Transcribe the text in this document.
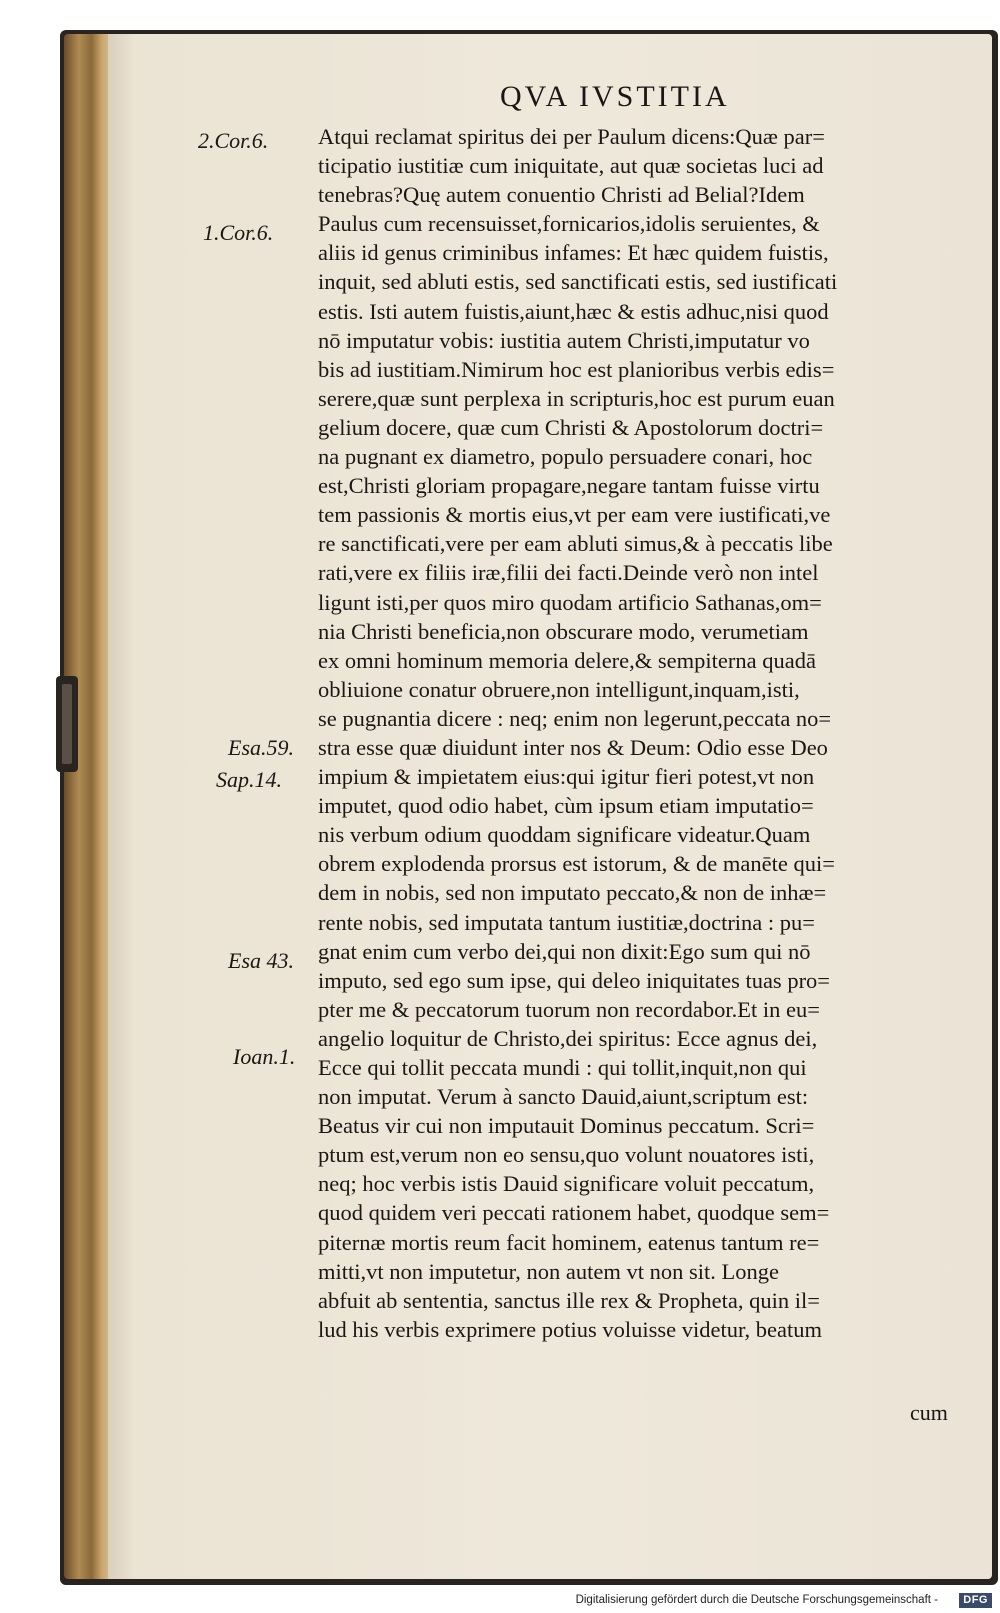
QVA IVSTITIA
2.Cor.6.
1.Cor.6.
Esa.59.
Sap.14.
Esa 43.
Ioan.1.
Atqui reclamat spiritus dei per Paulum dicens:Quæ par=
ticipatio iustitiæ cum iniquitate, aut quæ societas luci ad
tenebras?Quę autem conuentio Christi ad Belial?Idem
Paulus cum recensuisset,fornicarios,idolis seruientes, &
aliis id genus criminibus infames: Et hæc quidem fuistis,
inquit, sed abluti estis, sed sanctificati estis, sed iustificati
estis. Isti autem fuistis,aiunt,hæc & estis adhuc,nisi quod
nō imputatur vobis: iustitia autem Christi,imputatur vo
bis ad iustitiam.Nimirum hoc est planioribus verbis edis=
serere,quæ sunt perplexa in scripturis,hoc est purum euan
gelium docere, quæ cum Christi & Apostolorum doctri=
na pugnant ex diametro, populo persuadere conari, hoc
est,Christi gloriam propagare,negare tantam fuisse virtu
tem passionis & mortis eius,vt per eam vere iustificati,ve
re sanctificati,vere per eam abluti simus,& à peccatis libe
rati,vere ex filiis iræ,filii dei facti.Deinde verò non intel
ligunt isti,per quos miro quodam artificio Sathanas,om=
nia Christi beneficia,non obscurare modo, verumetiam
ex omni hominum memoria delere,& sempiterna quadā
obliuione conatur obruere,non intelligunt,inquam,isti,
se pugnantia dicere : neq; enim non legerunt,peccata no=
stra esse quæ diuidunt inter nos & Deum: Odio esse Deo
impium & impietatem eius:qui igitur fieri potest,vt non
imputet, quod odio habet, cùm ipsum etiam imputatio=
nis verbum odium quoddam significare videatur.Quam
obrem explodenda prorsus est istorum, & de manēte qui=
dem in nobis, sed non imputato peccato,& non de inhæ=
rente nobis, sed imputata tantum iustitiæ,doctrina : pu=
gnat enim cum verbo dei,qui non dixit:Ego sum qui nō
imputo, sed ego sum ipse, qui deleo iniquitates tuas pro=
pter me & peccatorum tuorum non recordabor.Et in eu=
angelio loquitur de Christo,dei spiritus: Ecce agnus dei,
Ecce qui tollit peccata mundi : qui tollit,inquit,non qui
non imputat. Verum à sancto Dauid,aiunt,scriptum est:
Beatus vir cui non imputauit Dominus peccatum. Scri=
ptum est,verum non eo sensu,quo volunt nouatores isti,
neq; hoc verbis istis Dauid significare voluit peccatum,
quod quidem veri peccati rationem habet, quodque sem=
piternæ mortis reum facit hominem, eatenus tantum re=
mitti,vt non imputetur, non autem vt non sit. Longe
abfuit ab sententia, sanctus ille rex & Propheta, quin il=
lud his verbis exprimere potius voluisse videtur, beatum
cum
Digitalisierung gefördert durch die Deutsche Forschungsgemeinschaft -	DFG
